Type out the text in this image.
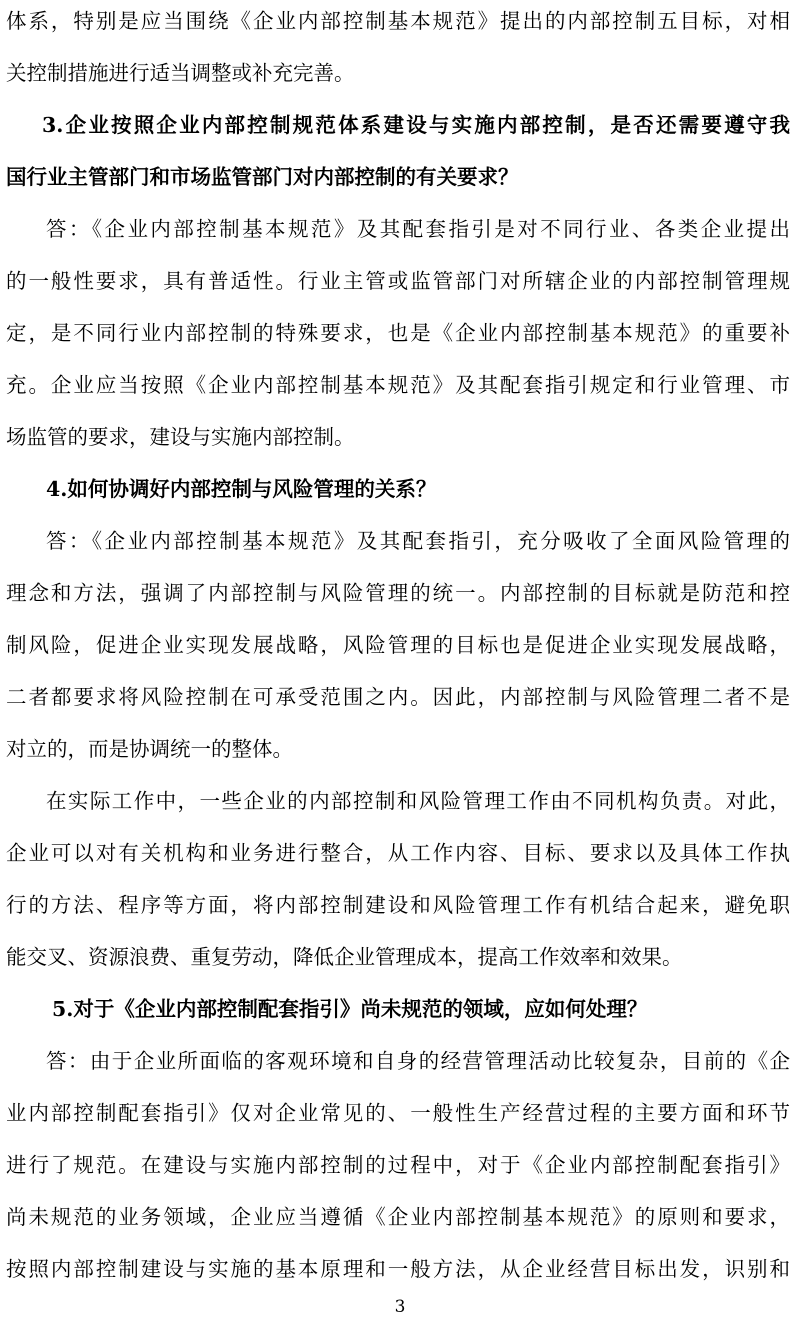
体系，特别是应当围绕《企业内部控制基本规范》提出的内部控制五目标，对相
关控制措施进行适当调整或补充完善。
3.企业按照企业内部控制规范体系建设与实施内部控制，是否还需要遵守我
国行业主管部门和市场监管部门对内部控制的有关要求？
答：《企业内部控制基本规范》及其配套指引是对不同行业、各类企业提出
的一般性要求，具有普适性。行业主管或监管部门对所辖企业的内部控制管理规
定，是不同行业内部控制的特殊要求，也是《企业内部控制基本规范》的重要补
充。企业应当按照《企业内部控制基本规范》及其配套指引规定和行业管理、市
场监管的要求，建设与实施内部控制。
4.如何协调好内部控制与风险管理的关系？
答：《企业内部控制基本规范》及其配套指引，充分吸收了全面风险管理的
理念和方法，强调了内部控制与风险管理的统一。内部控制的目标就是防范和控
制风险，促进企业实现发展战略，风险管理的目标也是促进企业实现发展战略，
二者都要求将风险控制在可承受范围之内。因此，内部控制与风险管理二者不是
对立的，而是协调统一的整体。
在实际工作中，一些企业的内部控制和风险管理工作由不同机构负责。对此，
企业可以对有关机构和业务进行整合，从工作内容、目标、要求以及具体工作执
行的方法、程序等方面，将内部控制建设和风险管理工作有机结合起来，避免职
能交叉、资源浪费、重复劳动，降低企业管理成本，提高工作效率和效果。
5.对于《企业内部控制配套指引》尚未规范的领域，应如何处理？
答：由于企业所面临的客观环境和自身的经营管理活动比较复杂，目前的《企
业内部控制配套指引》仅对企业常见的、一般性生产经营过程的主要方面和环节
进行了规范。在建设与实施内部控制的过程中，对于《企业内部控制配套指引》
尚未规范的业务领域，企业应当遵循《企业内部控制基本规范》的原则和要求，
按照内部控制建设与实施的基本原理和一般方法，从企业经营目标出发，识别和
3
